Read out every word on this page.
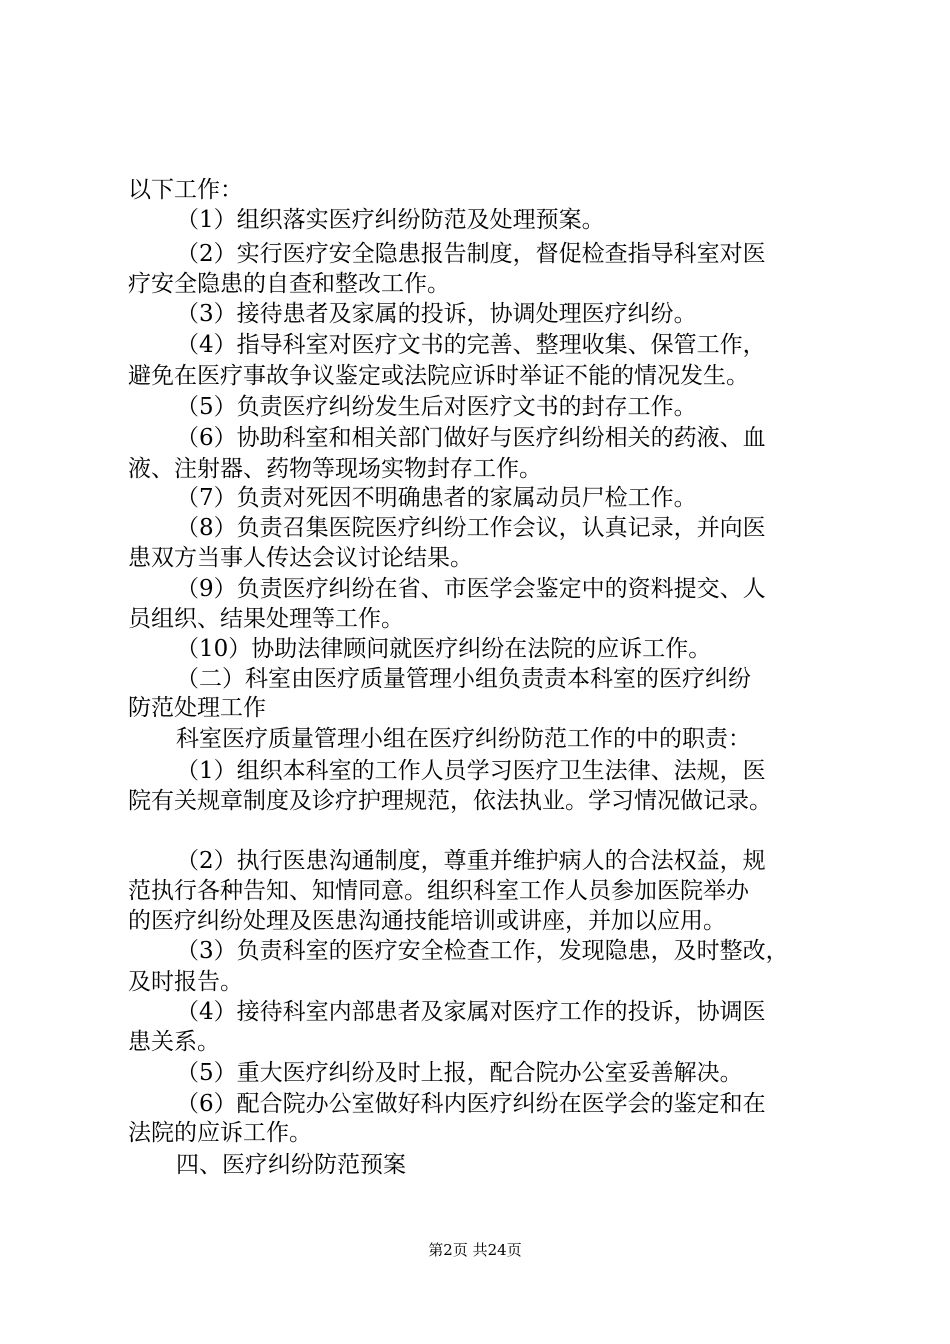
以下工作：
（1）组织落实医疗纠纷防范及处理预案。
（2）实行医疗安全隐患报告制度，督促检查指导科室对医
疗安全隐患的自查和整改工作。
（3）接待患者及家属的投诉，协调处理医疗纠纷。
（4）指导科室对医疗文书的完善、整理收集、保管工作，
避免在医疗事故争议鉴定或法院应诉时举证不能的情况发生。
（5）负责医疗纠纷发生后对医疗文书的封存工作。
（6）协助科室和相关部门做好与医疗纠纷相关的药液、血
液、注射器、药物等现场实物封存工作。
（7）负责对死因不明确患者的家属动员尸检工作。
（8）负责召集医院医疗纠纷工作会议，认真记录，并向医
患双方当事人传达会议讨论结果。
（9）负责医疗纠纷在省、市医学会鉴定中的资料提交、人
员组织、结果处理等工作。
（10）协助法律顾问就医疗纠纷在法院的应诉工作。
（二）科室由医疗质量管理小组负责责本科室的医疗纠纷
防范处理工作
科室医疗质量管理小组在医疗纠纷防范工作的中的职责：
（1）组织本科室的工作人员学习医疗卫生法律、法规，医
院有关规章制度及诊疗护理规范，依法执业。学习情况做记录。
（2）执行医患沟通制度，尊重并维护病人的合法权益，规
范执行各种告知、知情同意。组织科室工作人员参加医院举办
的医疗纠纷处理及医患沟通技能培训或讲座，并加以应用。
（3）负责科室的医疗安全检查工作，发现隐患，及时整改，
及时报告。
（4）接待科室内部患者及家属对医疗工作的投诉，协调医
患关系。
（5）重大医疗纠纷及时上报，配合院办公室妥善解决。
（6）配合院办公室做好科内医疗纠纷在医学会的鉴定和在
法院的应诉工作。
四、医疗纠纷防范预案
第2页 共24页
